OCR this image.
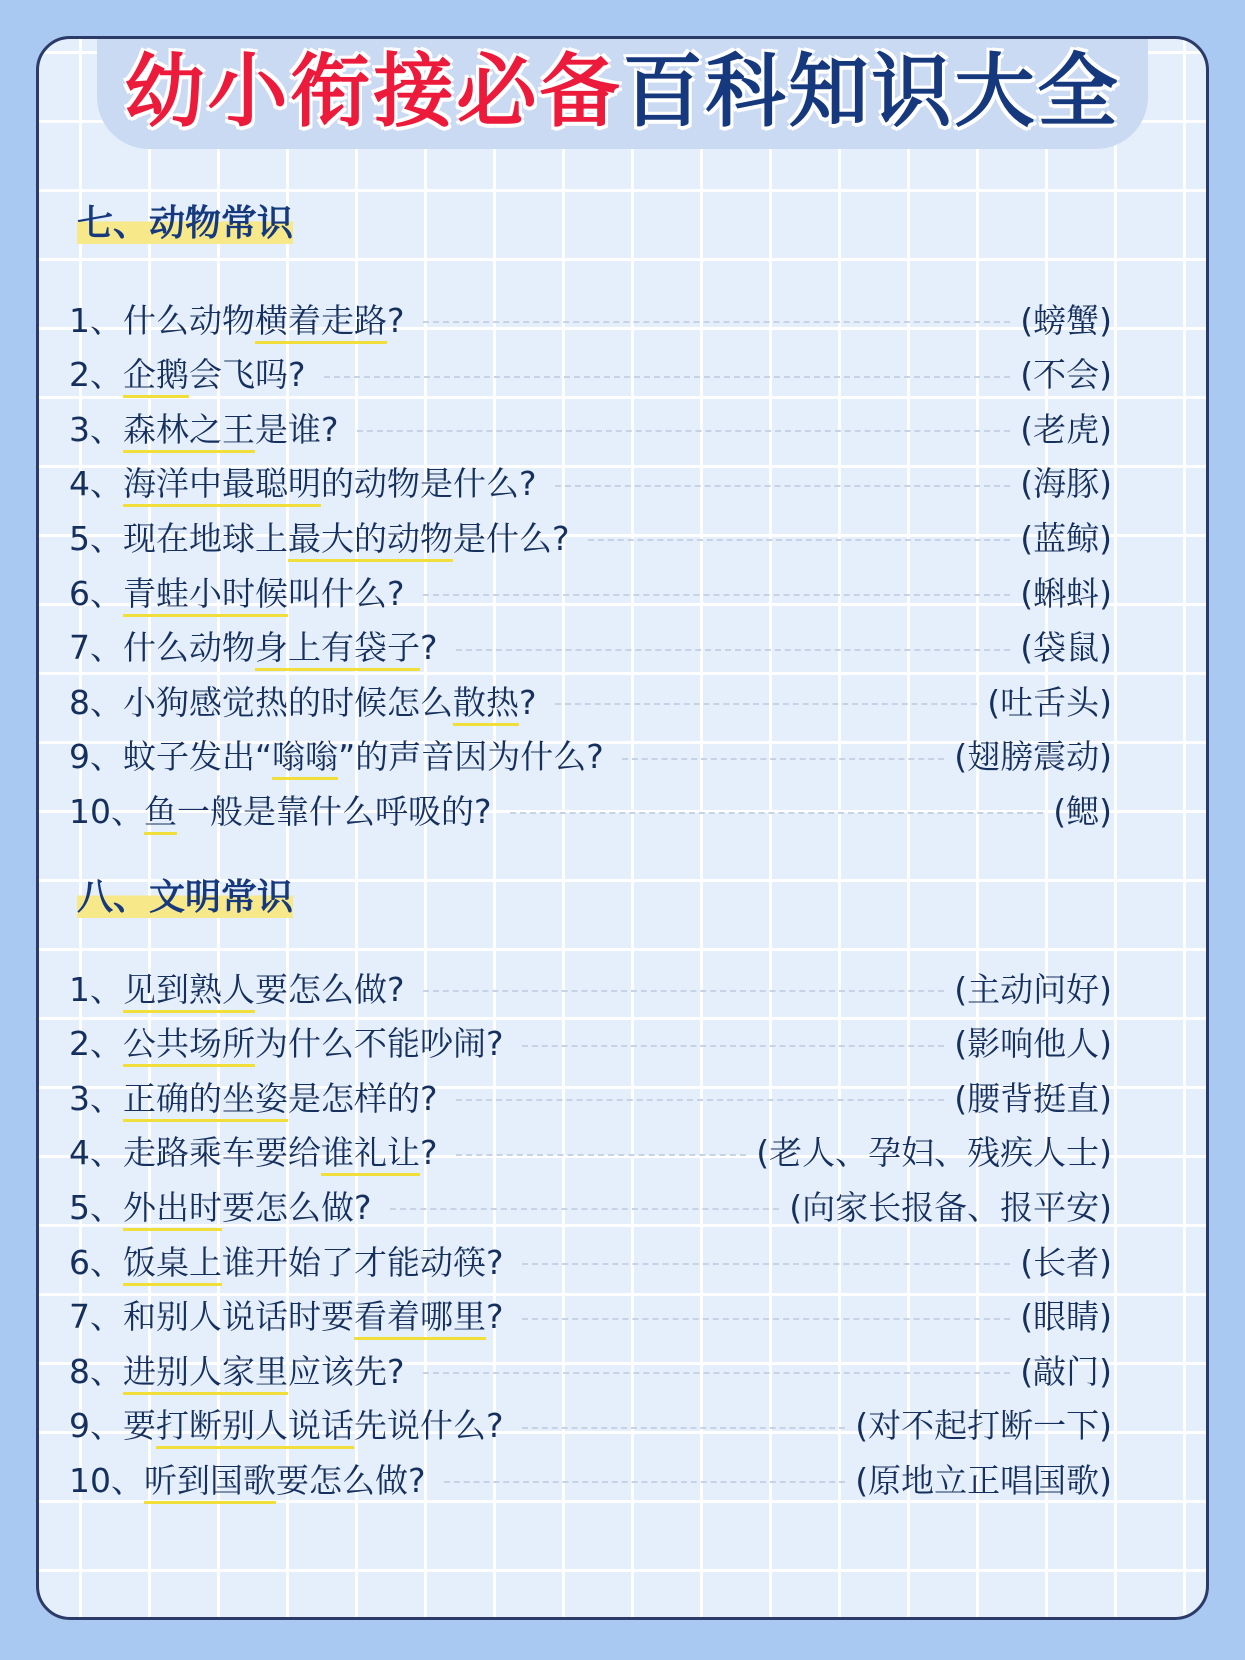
幼小衔接必备百科知识大全
七、动物常识
1、 什么动物横着走路?	(螃蟹)
2、 企鹅会飞吗?	(不会)
3、 森林之王是谁?	(老虎)
4、 海洋中最聪明的动物是什么?	(海豚)
5、 现在地球上最大的动物是什么?	(蓝鲸)
6、 青蛙小时候叫什么?	(蝌蚪)
7、 什么动物身上有袋子?	(袋鼠)
8、 小狗感觉热的时候怎么散热?	(吐舌头)
9、 蚊子发出“嗡嗡”的声音因为什么?	(翅膀震动)
10、 鱼一般是靠什么呼吸的?	(鳃)
八、文明常识
1、 见到熟人要怎么做?	(主动问好)
2、 公共场所为什么不能吵闹?	(影响他人)
3、 正确的坐姿是怎样的?	(腰背挺直)
4、 走路乘车要给谁礼让?	(老人、孕妇、残疾人士)
5、 外出时要怎么做?	(向家长报备、报平安)
6、 饭桌上谁开始了才能动筷?	(长者)
7、 和别人说话时要看着哪里?	(眼睛)
8、 进别人家里应该先?	(敲门)
9、 要打断别人说话先说什么?	(对不起打断一下)
10、 听到国歌要怎么做?	(原地立正唱国歌)
